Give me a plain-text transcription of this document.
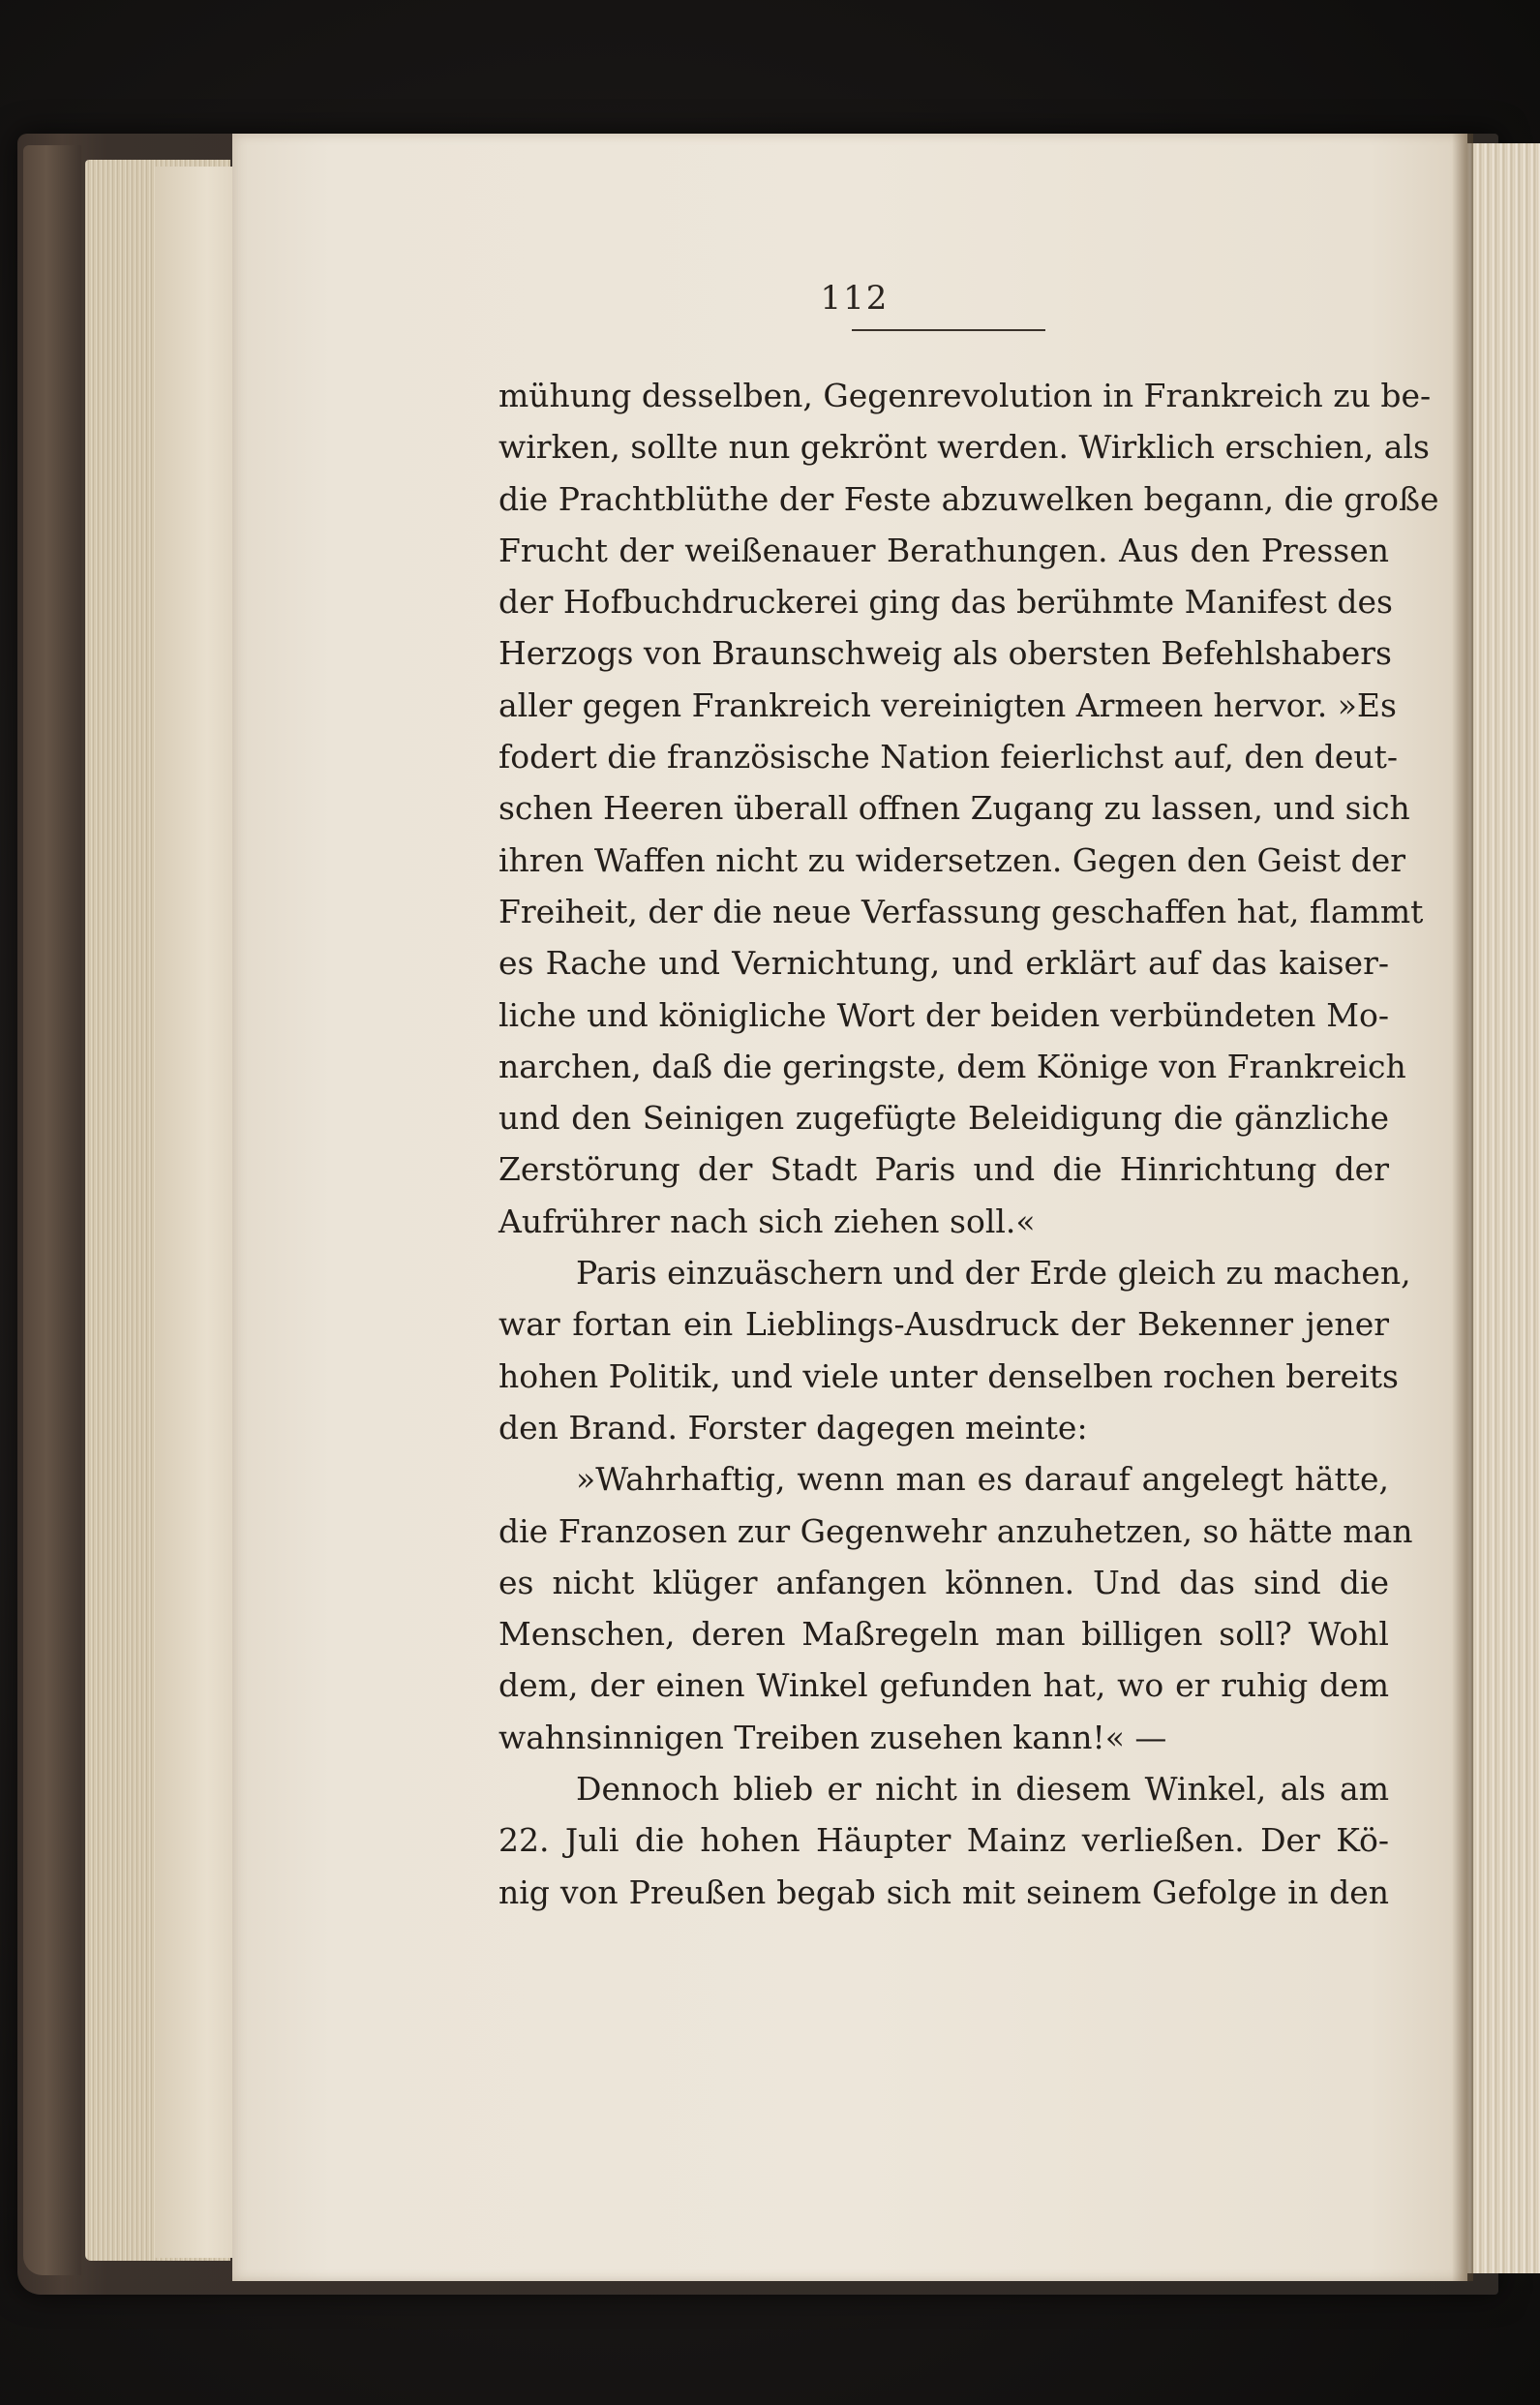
112
mühung desselben, Gegenrevolution in Frankreich zu be-
wirken, sollte nun gekrönt werden. Wirklich erschien, als
die Prachtblüthe der Feste abzuwelken begann, die große
Frucht der weißenauer Berathungen. Aus den Pressen
der Hofbuchdruckerei ging das berühmte Manifest des
Herzogs von Braunschweig als obersten Befehlshabers
aller gegen Frankreich vereinigten Armeen hervor. »Es
fodert die französische Nation feierlichst auf, den deut-
schen Heeren überall offnen Zugang zu lassen, und sich
ihren Waffen nicht zu widersetzen. Gegen den Geist der
Freiheit, der die neue Verfassung geschaffen hat, flammt
es Rache und Vernichtung, und erklärt auf das kaiser-
liche und königliche Wort der beiden verbündeten Mo-
narchen, daß die geringste, dem Könige von Frankreich
und den Seinigen zugefügte Beleidigung die gänzliche
Zerstörung der Stadt Paris und die Hinrichtung der
Aufrührer nach sich ziehen soll.«
Paris einzuäschern und der Erde gleich zu machen,
war fortan ein Lieblings-Ausdruck der Bekenner jener
hohen Politik, und viele unter denselben rochen bereits
den Brand. Forster dagegen meinte:
»Wahrhaftig, wenn man es darauf angelegt hätte,
die Franzosen zur Gegenwehr anzuhetzen, so hätte man
es nicht klüger anfangen können. Und das sind die
Menschen, deren Maßregeln man billigen soll? Wohl
dem, der einen Winkel gefunden hat, wo er ruhig dem
wahnsinnigen Treiben zusehen kann!« —
Dennoch blieb er nicht in diesem Winkel, als am
22. Juli die hohen Häupter Mainz verließen. Der Kö-
nig von Preußen begab sich mit seinem Gefolge in den
